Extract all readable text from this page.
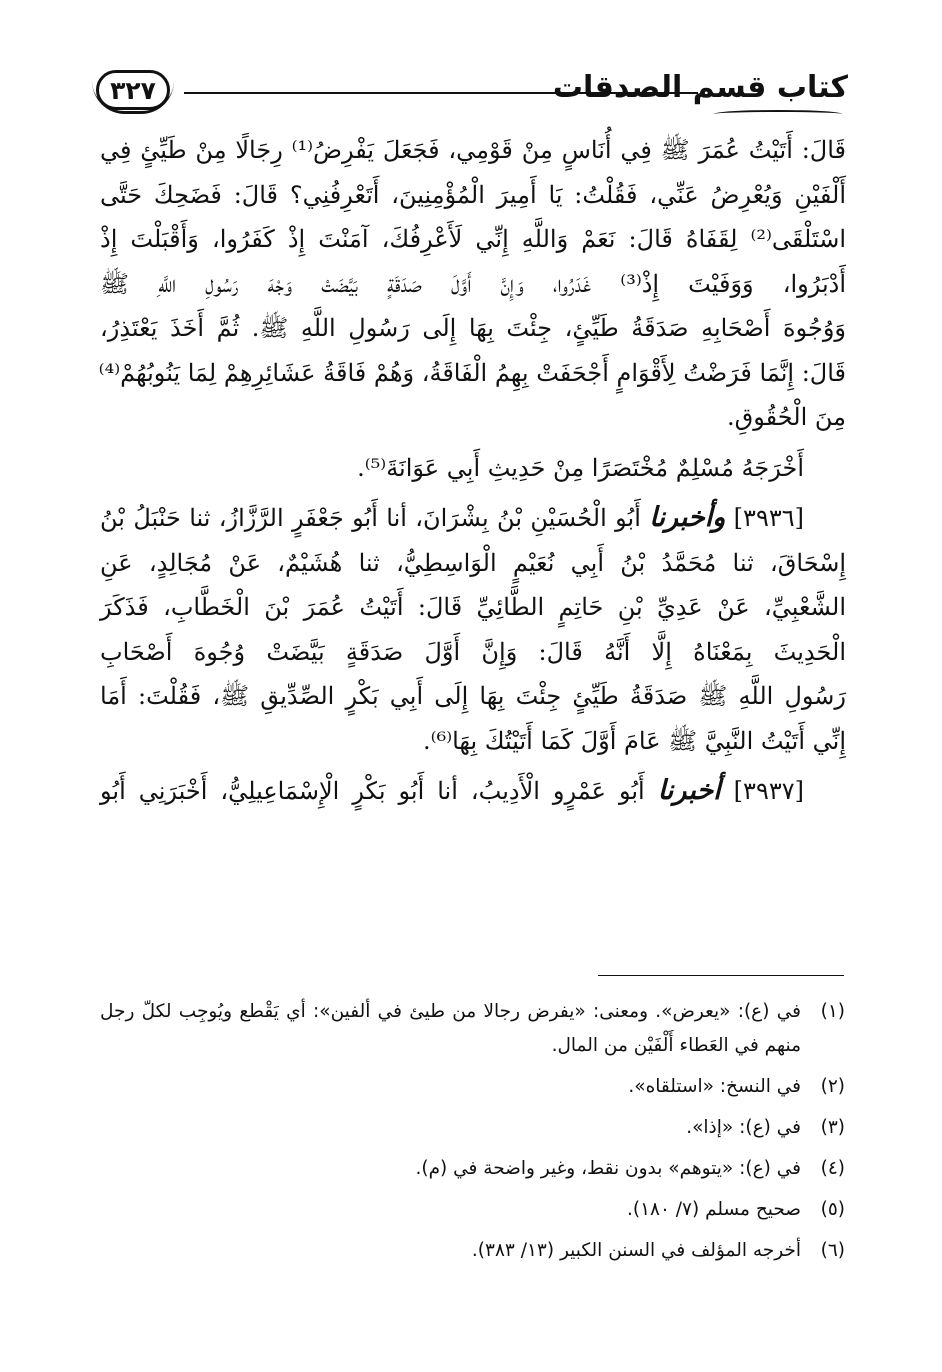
كتاب قسم الصدقات
٣٢٧
قَالَ: أَتَيْتُ عُمَرَ ﷺ فِي أُنَاسٍ مِنْ قَوْمِي، فَجَعَلَ يَفْرِضُ⁽¹⁾ رِجَالًا مِنْ طَيِّئٍ فِي
أَلْفَيْنِ وَيُعْرِضُ عَنِّي، فَقُلْتُ: يَا أَمِيرَ الْمُؤْمِنِينَ، أَتَعْرِفُنِي؟ قَالَ: فَضَحِكَ حَتَّى
اسْتَلْقَى⁽²⁾ لِقَفَاهُ قَالَ: نَعَمْ وَاللَّهِ إِنِّي لَأَعْرِفُكَ، آمَنْتَ إِذْ كَفَرُوا، وَأَقْبَلْتَ إِذْ
أَدْبَرُوا، وَوَفَيْتَ إِذْ⁽³⁾ غَدَرُوا، وَإِنَّ أَوَّلَ صَدَقَةٍ بَيَّضَتْ وَجْهَ رَسُولِ اللَّهِ ﷺ
وَوُجُوهَ أَصْحَابِهِ صَدَقَةُ طَيِّئٍ، جِئْتَ بِهَا إِلَى رَسُولِ اللَّهِ ﷺ. ثُمَّ أَخَذَ يَعْتَذِرُ،
قَالَ: إِنَّمَا فَرَضْتُ لِأَقْوَامٍ أَجْحَفَتْ بِهِمُ الْفَاقَةُ، وَهُمْ فَاقَةُ عَشَائِرِهِمْ لِمَا يَنُوبُهُمْ⁽⁴⁾
مِنَ الْحُقُوقِ.

أَخْرَجَهُ مُسْلِمٌ مُخْتَصَرًا مِنْ حَدِيثِ أَبِي عَوَانَةَ⁽⁵⁾.

[٣٩٣٦] وأخبرنا أَبُو الْحُسَيْنِ بْنُ بِشْرَانَ، أنا أَبُو جَعْفَرٍ الرَّزَّازُ، ثنا حَنْبَلُ بْنُ
إِسْحَاقَ، ثنا مُحَمَّدُ بْنُ أَبِي نُعَيْمٍ الْوَاسِطِيُّ، ثنا هُشَيْمٌ، عَنْ مُجَالِدٍ، عَنِ
الشَّعْبِيِّ، عَنْ عَدِيِّ بْنِ حَاتِمٍ الطَّائِيِّ قَالَ: أَتَيْتُ عُمَرَ بْنَ الْخَطَّابِ، فَذَكَرَ
الْحَدِيثَ بِمَعْنَاهُ إِلَّا أَنَّهُ قَالَ: وَإِنَّ أَوَّلَ صَدَقَةٍ بَيَّضَتْ وُجُوهَ أَصْحَابِ
رَسُولِ اللَّهِ ﷺ صَدَقَةُ طَيِّئٍ جِئْتَ بِهَا إِلَى أَبِي بَكْرٍ الصِّدِّيقِ ﷺ، فَقُلْتَ: أَمَا
إِنِّي أَتَيْتُ النَّبِيَّ ﷺ عَامَ أَوَّلَ كَمَا أَتَيْتُكَ بِهَا⁽⁶⁾.
[٣٩٣٧] أخبرنا أَبُو عَمْرٍو الْأَدِيبُ، أنا أَبُو بَكْرٍ الْإِسْمَاعِيلِيُّ، أَخْبَرَنِي أَبُو
(١)
في (ع): «يعرض». ومعنى: «يفرض رجالا من طيئ في ألفين»: أي يَقْطع ويُوجِب لكلّ رجل منهم في العَطاء أَلْفَيْن من المال.
(٢)
في النسخ: «استلقاه».
(٣)
في (ع): «إذا».
(٤)
في (ع): «يتوهم» بدون نقط، وغير واضحة في (م).
(٥)
صحيح مسلم (٧/ ١٨٠).
(٦)
أخرجه المؤلف في السنن الكبير (١٣/ ٣٨٣).
